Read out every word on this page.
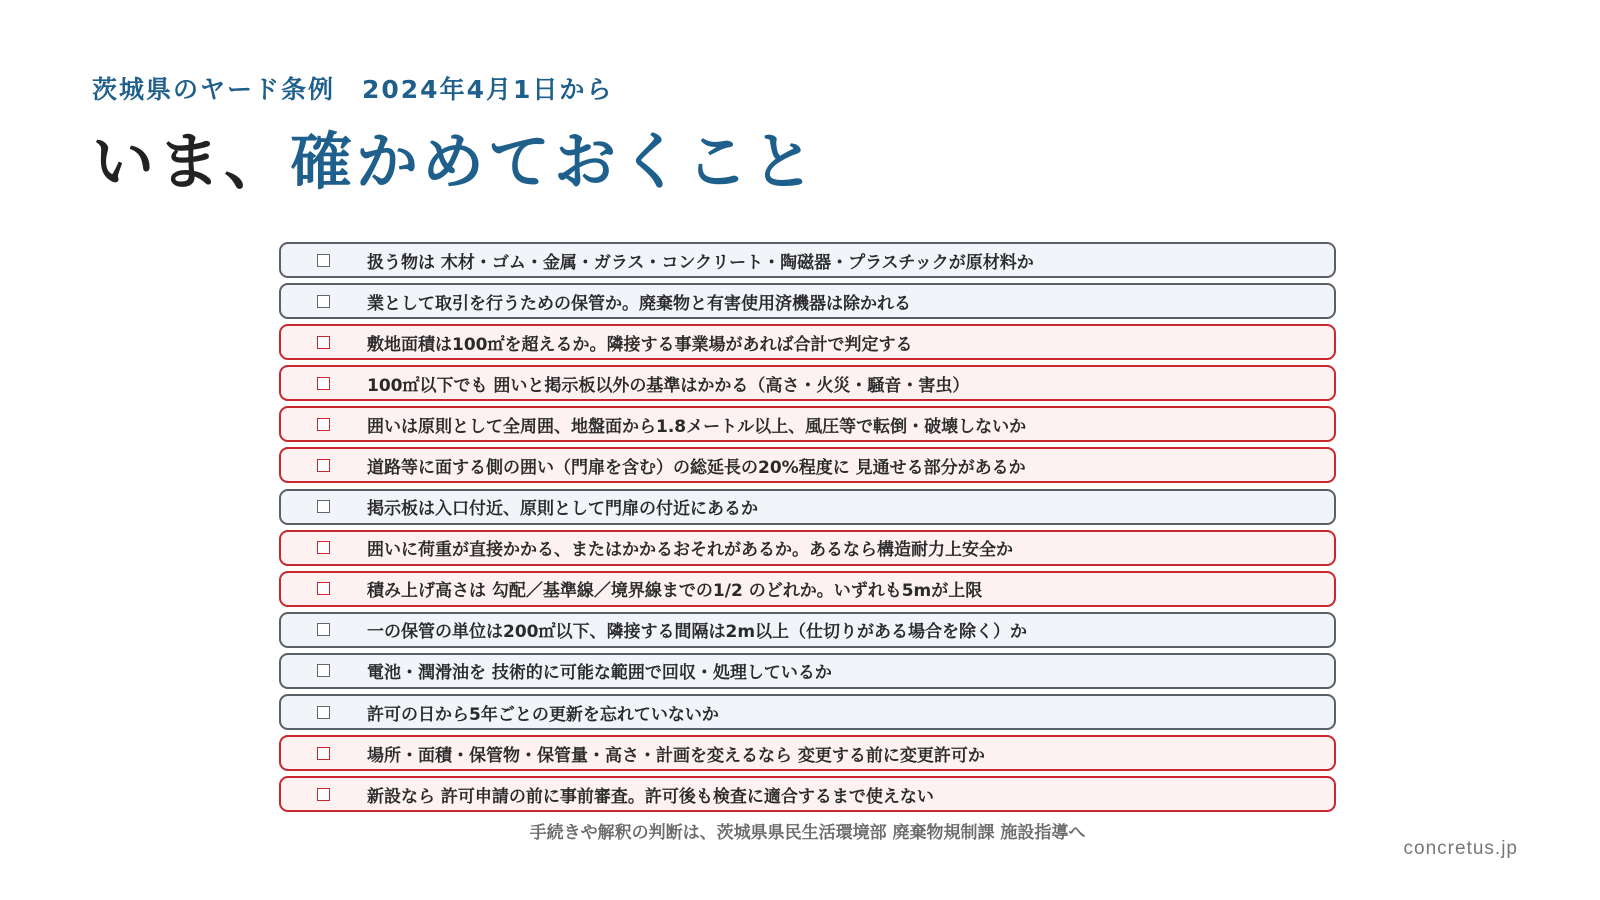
茨城県のヤード条例　2024年4月1日から
いま、確かめておくこと
扱う物は 木材・ゴム・金属・ガラス・コンクリート・陶磁器・プラスチックが原材料か
業として取引を行うための保管か。廃棄物と有害使用済機器は除かれる
敷地面積は100㎡を超えるか。隣接する事業場があれば合計で判定する
100㎡以下でも 囲いと掲示板以外の基準はかかる（高さ・火災・騒音・害虫）
囲いは原則として全周囲、地盤面から1.8メートル以上、風圧等で転倒・破壊しないか
道路等に面する側の囲い（門扉を含む）の総延長の20%程度に 見通せる部分があるか
掲示板は入口付近、原則として門扉の付近にあるか
囲いに荷重が直接かかる、またはかかるおそれがあるか。あるなら構造耐力上安全か
積み上げ高さは 勾配／基準線／境界線までの1/2 のどれか。いずれも5mが上限
一の保管の単位は200㎡以下、隣接する間隔は2m以上（仕切りがある場合を除く）か
電池・潤滑油を 技術的に可能な範囲で回収・処理しているか
許可の日から5年ごとの更新を忘れていないか
場所・面積・保管物・保管量・高さ・計画を変えるなら 変更する前に変更許可か
新設なら 許可申請の前に事前審査。許可後も検査に適合するまで使えない
手続きや解釈の判断は、茨城県県民生活環境部 廃棄物規制課 施設指導へ
concretus.jp
